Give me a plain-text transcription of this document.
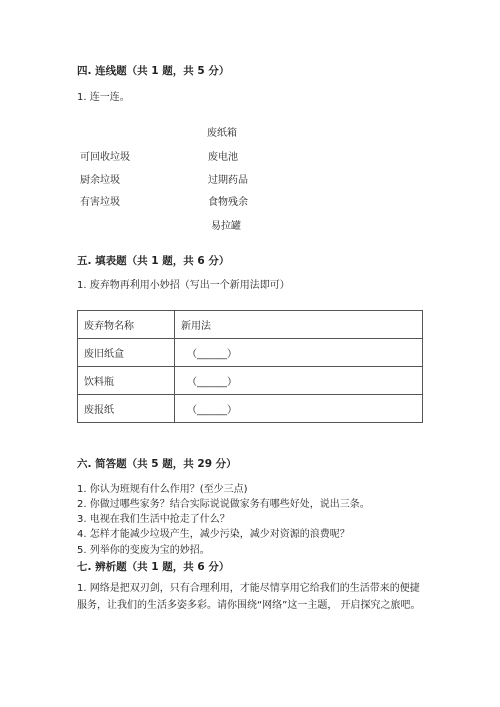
四. 连线题（共 1 题，共 5 分）
1. 连一连。
可回收垃圾
厨余垃圾
有害垃圾
废纸箱
废电池
过期药品
食物残余
易拉罐
五. 填表题（共 1 题，共 6 分）
1. 废弃物再利用小妙招（写出一个新用法即可）
废弃物名称	新用法
废旧纸盒	（______）
饮料瓶	（______）
废报纸	（______）
六. 简答题（共 5 题，共 29 分）
1. 你认为班规有什么作用？(至少三点)
2. 你做过哪些家务？结合实际说说做家务有哪些好处，说出三条。
3. 电视在我们生活中抢走了什么？
4. 怎样才能减少垃圾产生，减少污染，减少对资源的浪费呢？
5. 列举你的变废为宝的妙招。
七. 辨析题（共 1 题，共 6 分）
1. 网络是把双刃剑，只有合理利用，才能尽情享用它给我们的生活带来的便捷服务，让我们的生活多姿多彩。请你围绕“网络”这一主题， 开启探究之旅吧。
